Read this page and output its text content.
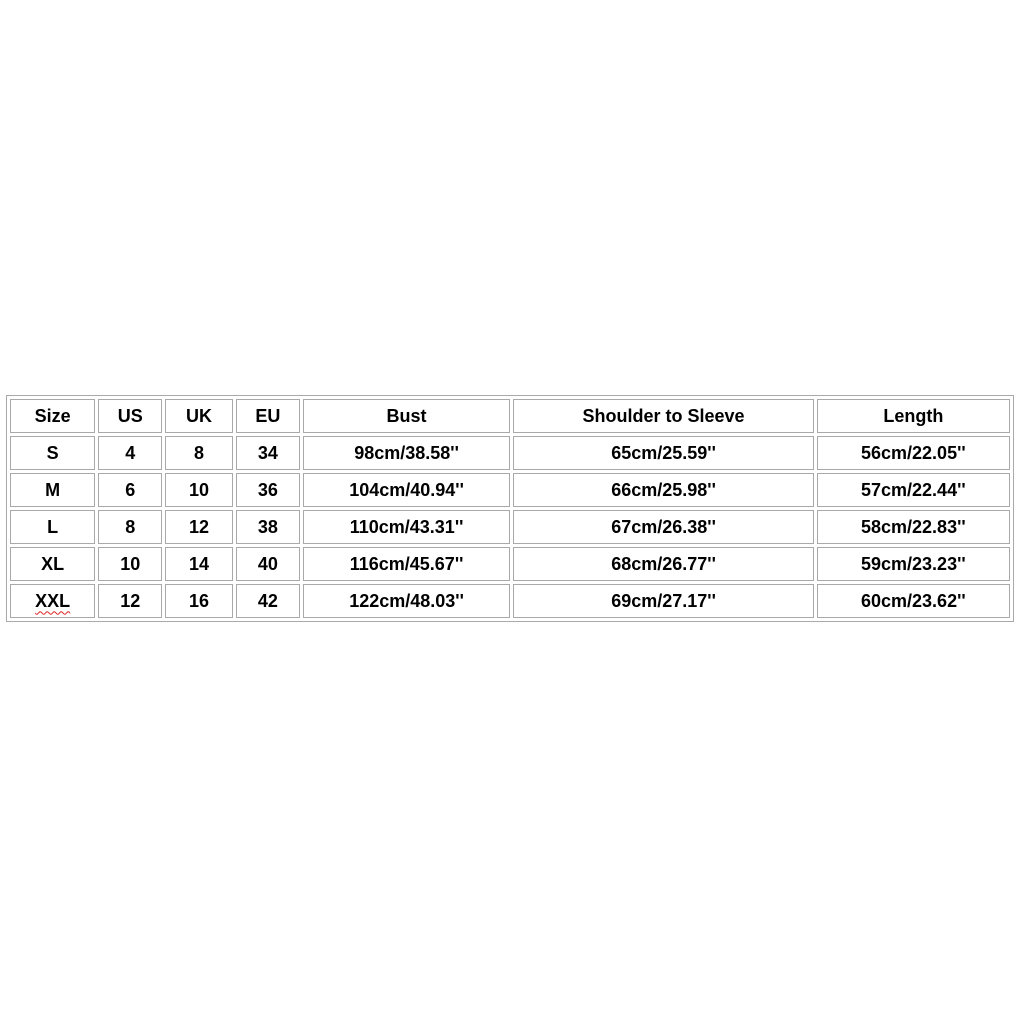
Size	US	UK	EU	Bust	Shoulder to Sleeve	Length
S	4	8	34	98cm/38.58''	65cm/25.59''	56cm/22.05''
M	6	10	36	104cm/40.94''	66cm/25.98''	57cm/22.44''
L	8	12	38	110cm/43.31''	67cm/26.38''	58cm/22.83''
XL	10	14	40	116cm/45.67''	68cm/26.77''	59cm/23.23''
XXL	12	16	42	122cm/48.03''	69cm/27.17''	60cm/23.62''
